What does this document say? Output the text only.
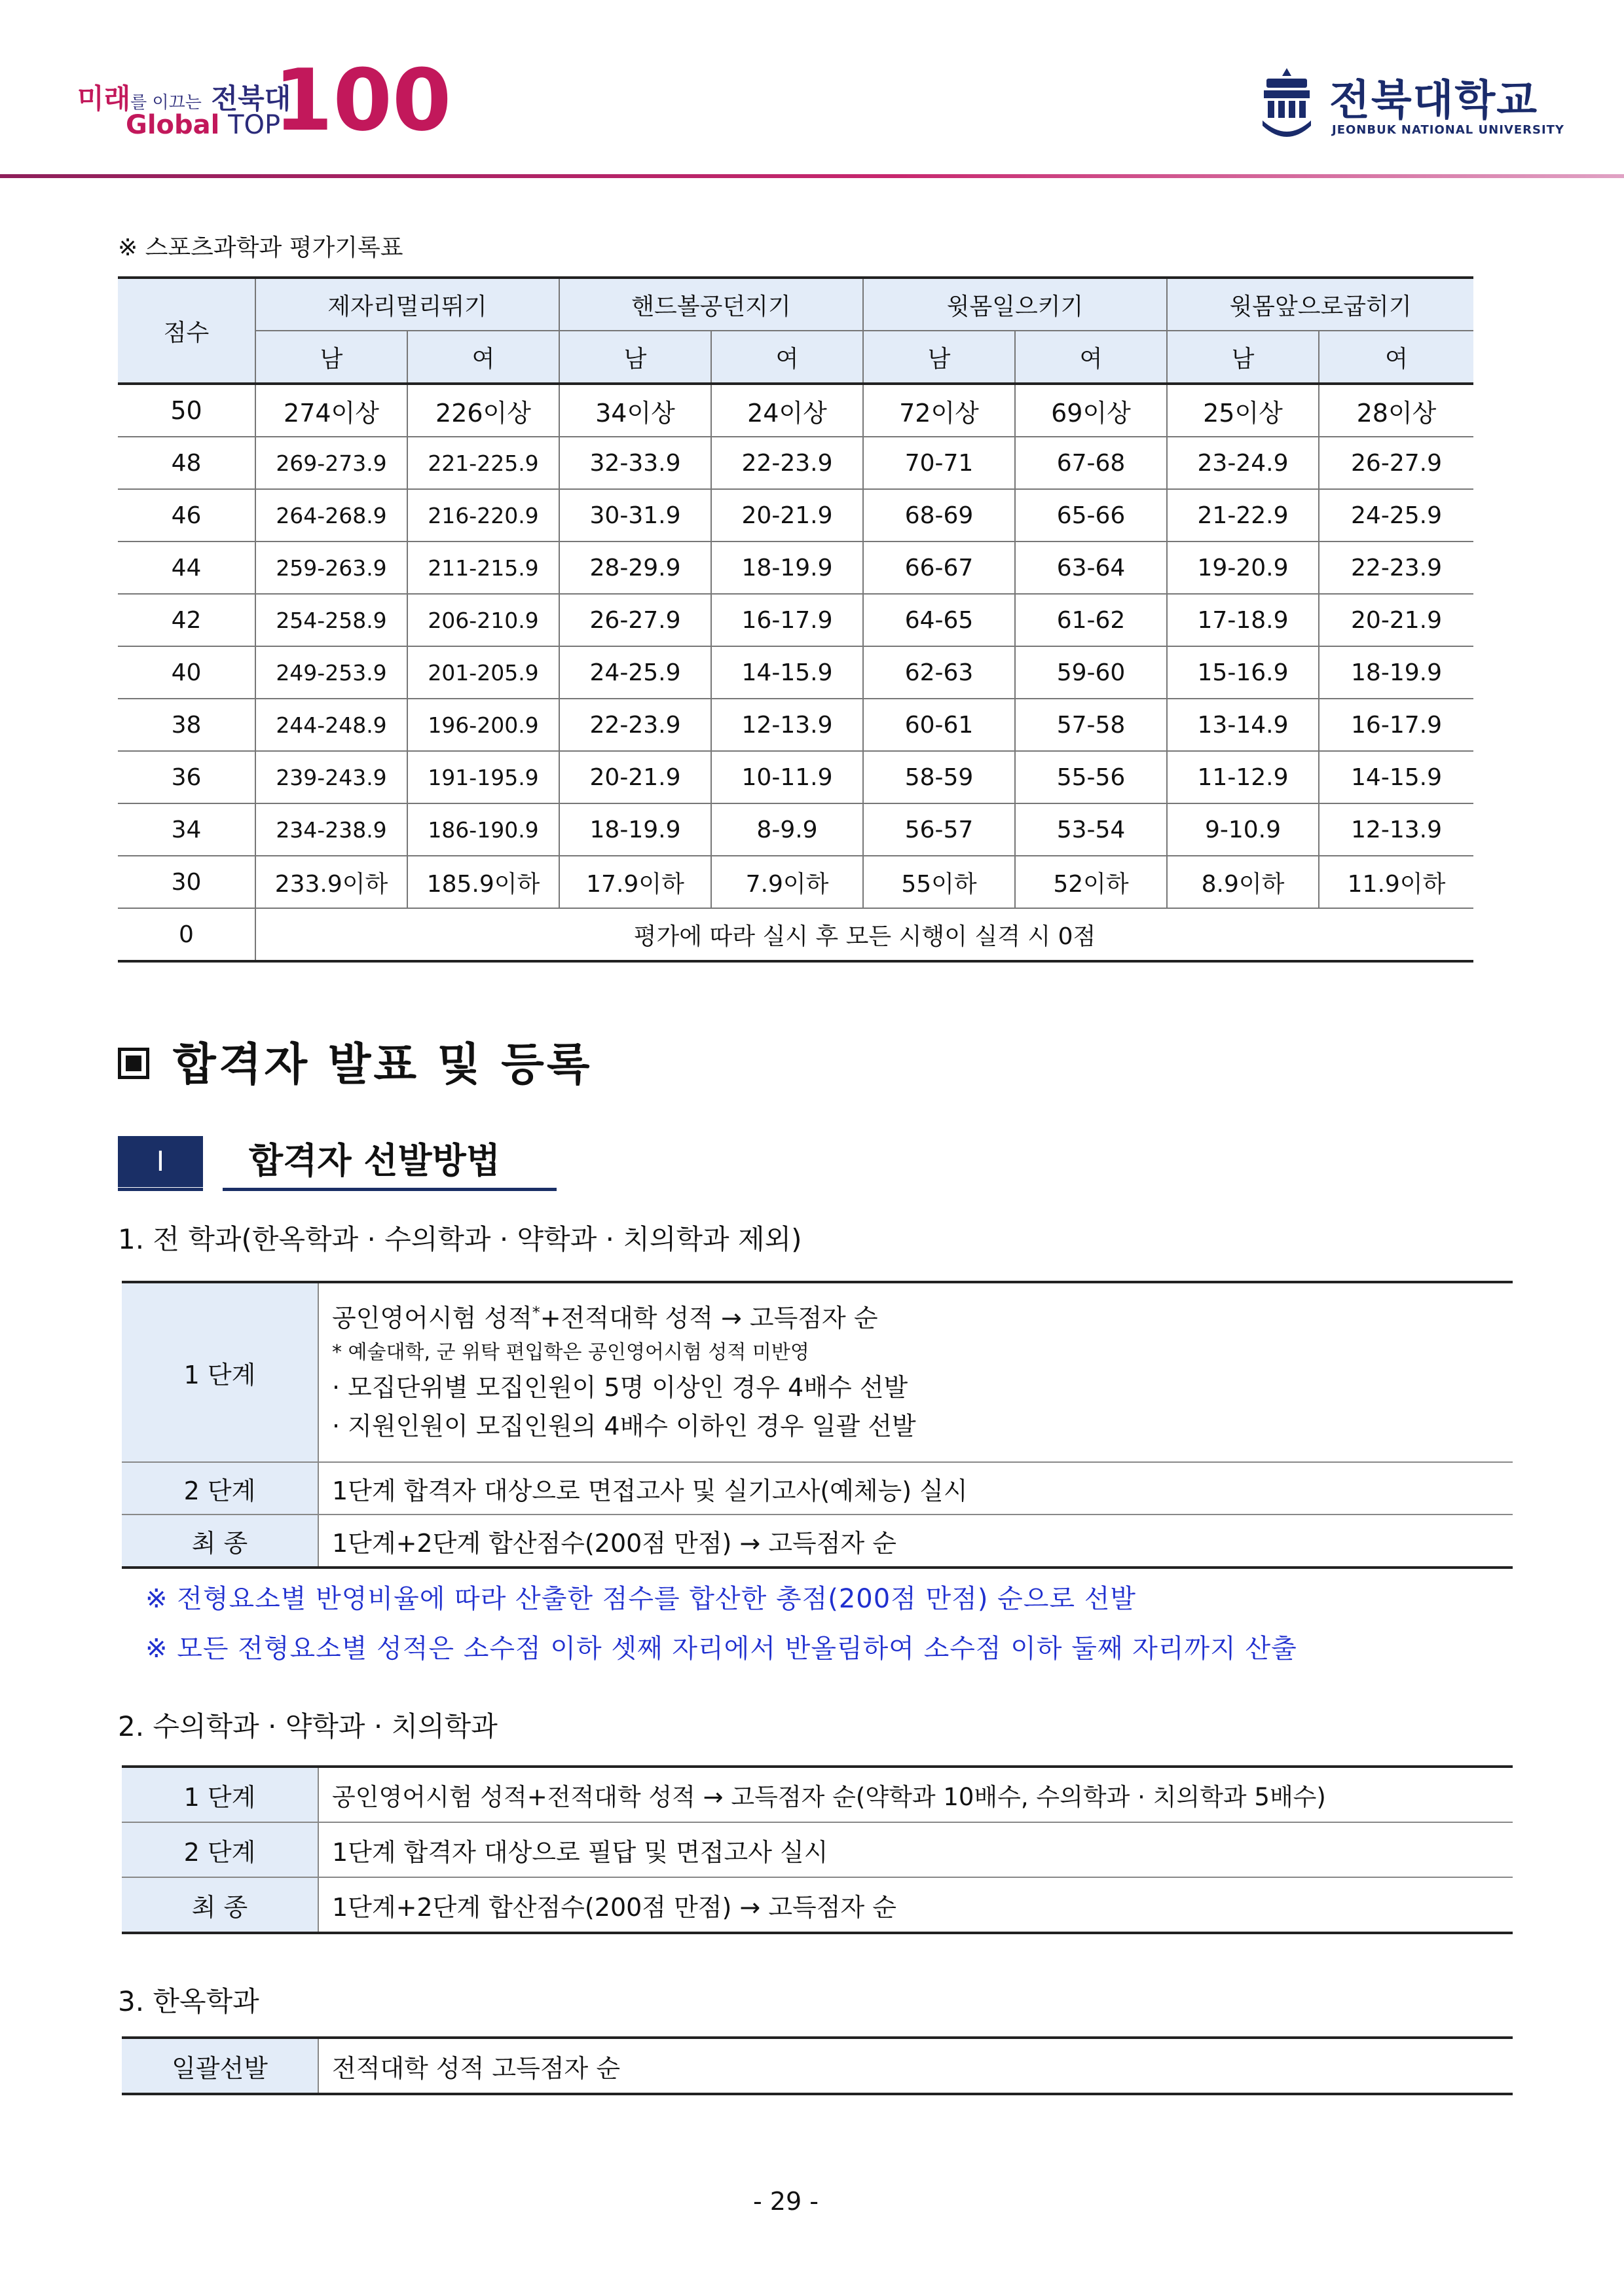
미래를 이끄는 전북대
Global TOP
100	전북대학교
JEONBUK NATIONAL UNIVERSITY
※ 스포츠과학과 평가기록표
점수	제자리멀리뛰기		핸드볼공던지기		윗몸일으키기		윗몸앞으로굽히기	
	남	여	남	여	남	여	남	여
50	274이상	226이상	34이상	24이상	72이상	69이상	25이상	28이상
48	269-273.9	221-225.9	32-33.9	22-23.9	70-71	67-68	23-24.9	26-27.9
46	264-268.9	216-220.9	30-31.9	20-21.9	68-69	65-66	21-22.9	24-25.9
44	259-263.9	211-215.9	28-29.9	18-19.9	66-67	63-64	19-20.9	22-23.9
42	254-258.9	206-210.9	26-27.9	16-17.9	64-65	61-62	17-18.9	20-21.9
40	249-253.9	201-205.9	24-25.9	14-15.9	62-63	59-60	15-16.9	18-19.9
38	244-248.9	196-200.9	22-23.9	12-13.9	60-61	57-58	13-14.9	16-17.9
36	239-243.9	191-195.9	20-21.9	10-11.9	58-59	55-56	11-12.9	14-15.9
34	234-238.9	186-190.9	18-19.9	8-9.9	56-57	53-54	9-10.9	12-13.9
30	233.9이하	185.9이하	17.9이하	7.9이하	55이하	52이하	8.9이하	11.9이하
0	평가에 따라 실시 후 모든 시행이 실격 시 0점							
합격자 발표 및 등록
Ⅰ	합격자 선발방법
1. 전 학과(한옥학과 · 수의학과 · 약학과 · 치의학과 제외)
1 단계	공인영어시험 성적*+전적대학 성적 → 고득점자 순
* 예술대학, 군 위탁 편입학은 공인영어시험 성적 미반영
· 모집단위별 모집인원이 5명 이상인 경우 4배수 선발
· 지원인원이 모집인원의 4배수 이하인 경우 일괄 선발

2 단계	1단계 합격자 대상으로 면접고사 및 실기고사(예체능) 실시
최 종	1단계+2단계 합산점수(200점 만점) → 고득점자 순
※ 전형요소별 반영비율에 따라 산출한 점수를 합산한 총점(200점 만점) 순으로 선발
※ 모든 전형요소별 성적은 소수점 이하 셋째 자리에서 반올림하여 소수점 이하 둘째 자리까지 산출
2. 수의학과 · 약학과 · 치의학과
1 단계	공인영어시험 성적+전적대학 성적 → 고득점자 순(약학과 10배수, 수의학과 · 치의학과 5배수)
2 단계	1단계 합격자 대상으로 필답 및 면접고사 실시
최 종	1단계+2단계 합산점수(200점 만점) → 고득점자 순
3. 한옥학과
일괄선발	전적대학 성적 고득점자 순
- 29 -
